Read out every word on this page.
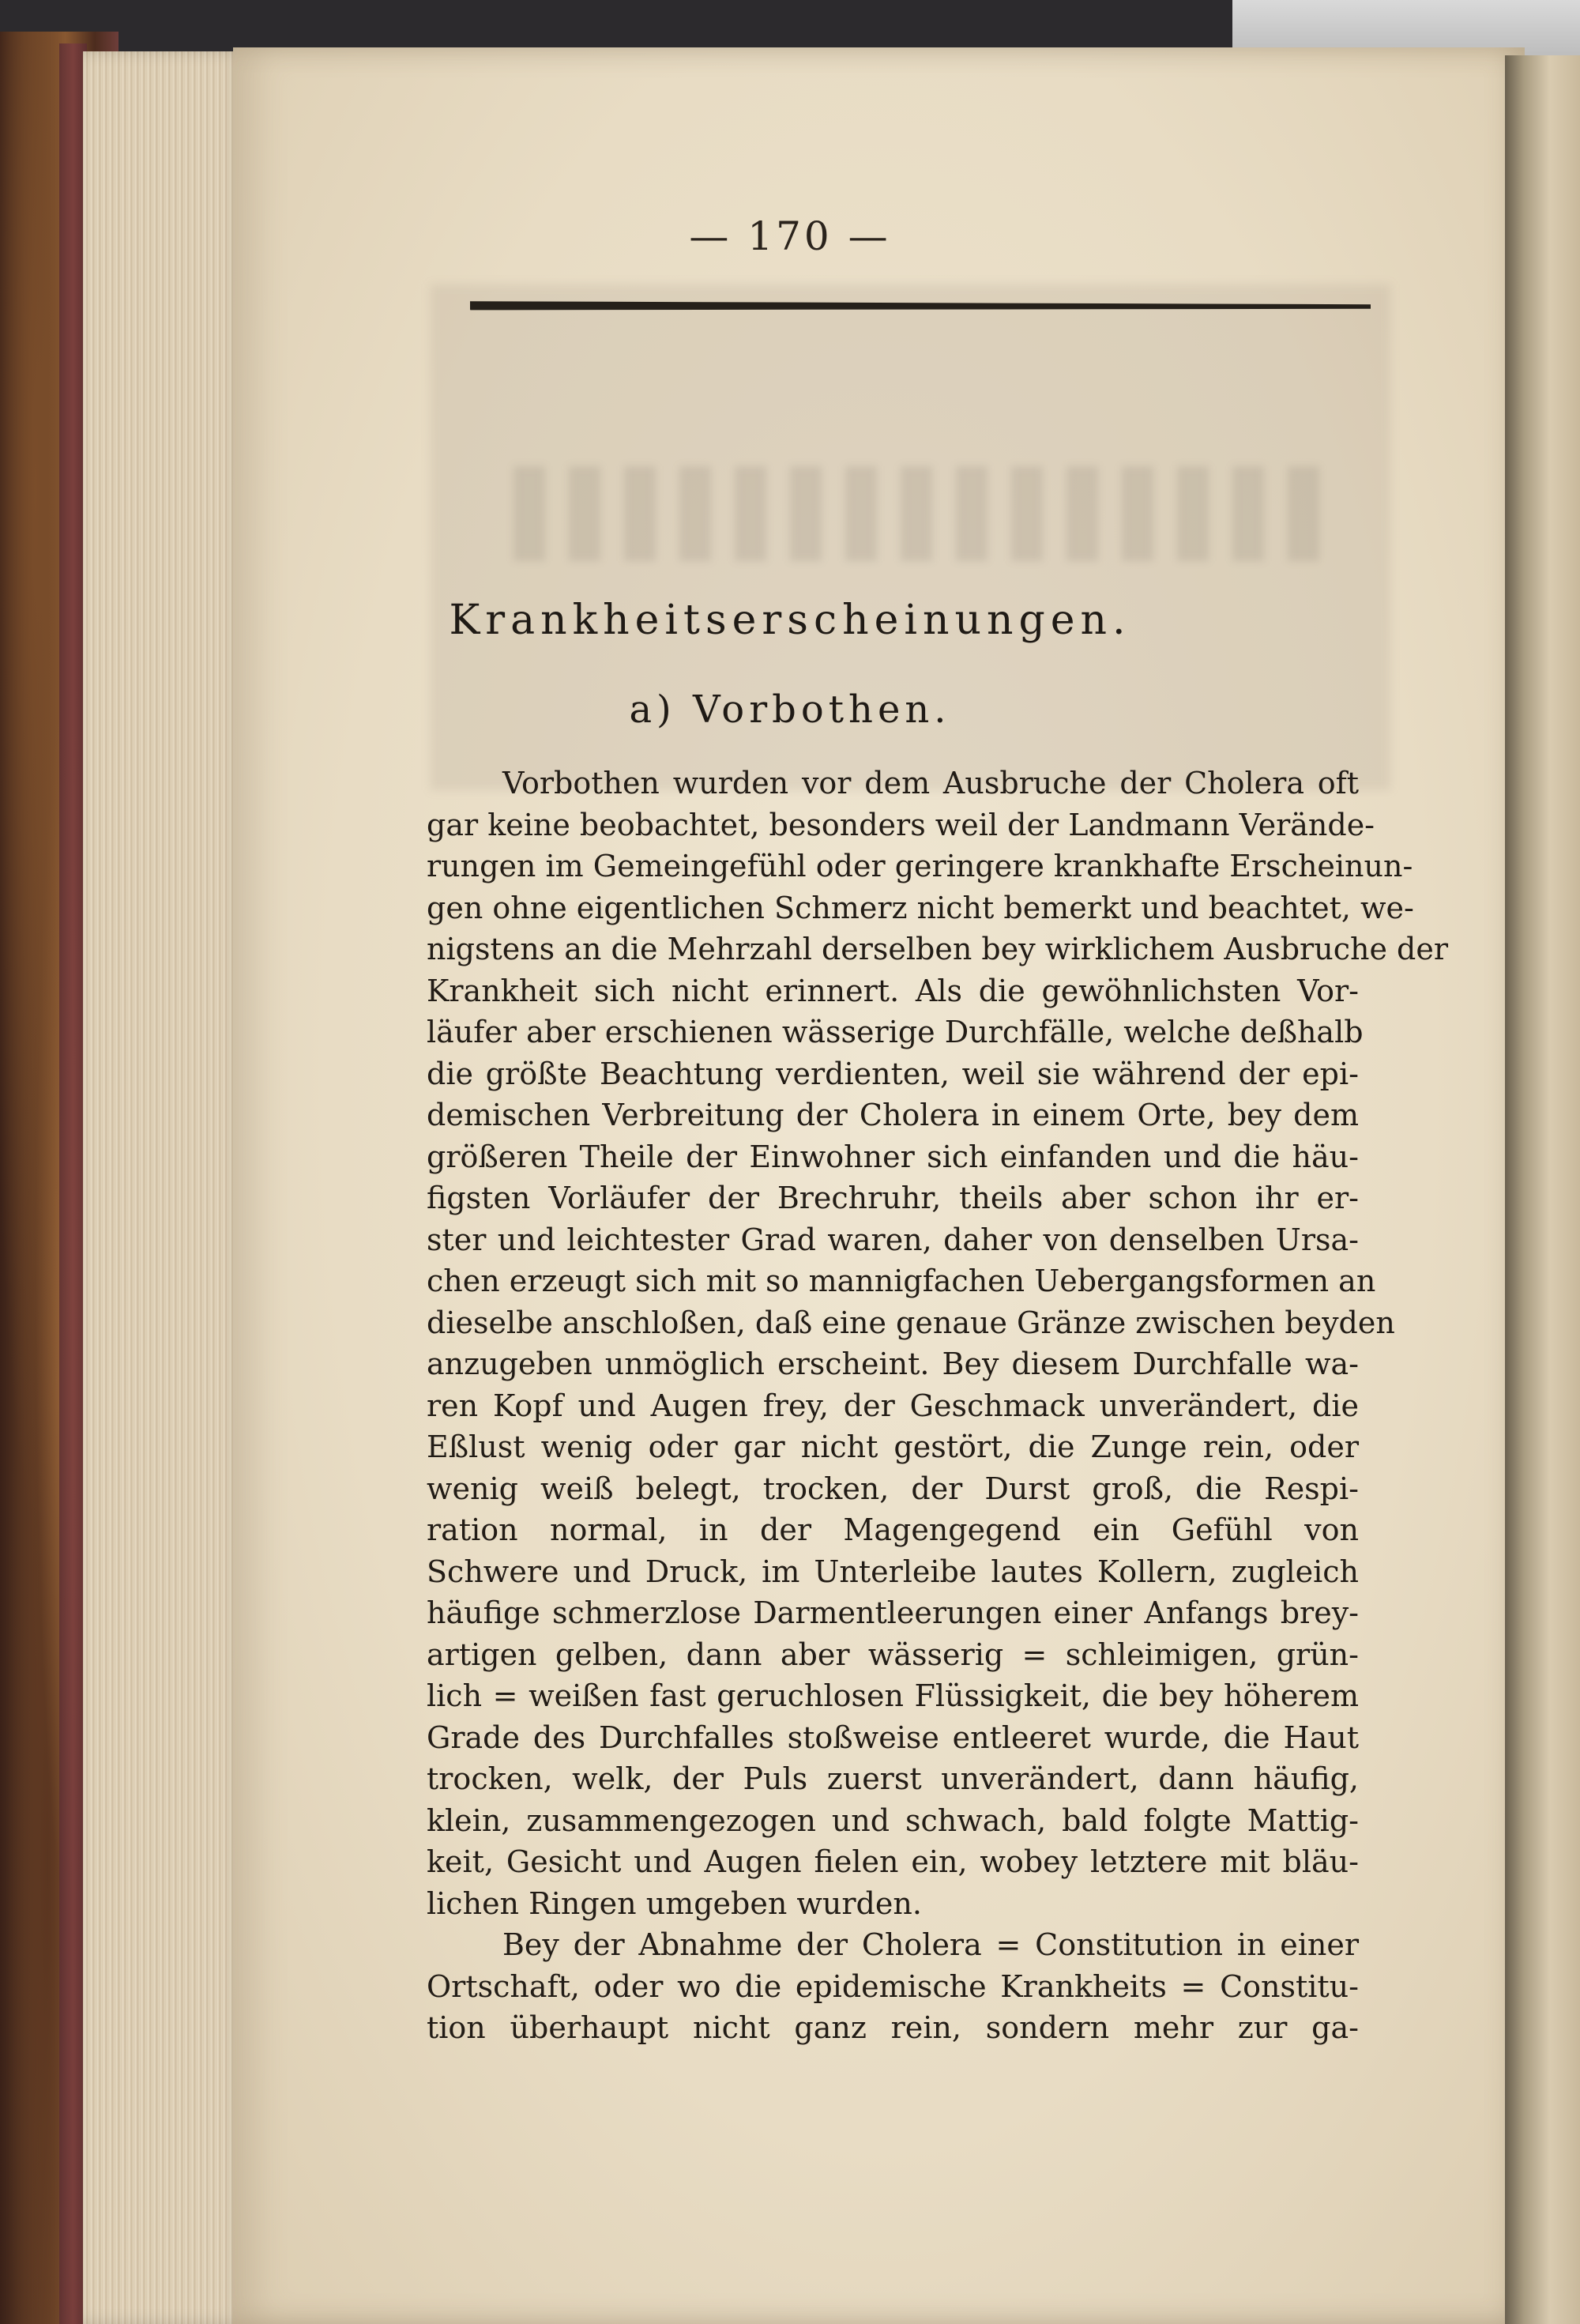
— 170 —
Krankheitserscheinungen.
a) Vorbothen.
Vorbothen wurden vor dem Ausbruche der Cholera oft
gar keine beobachtet, besonders weil der Landmann Verände-
rungen im Gemeingefühl oder geringere krankhafte Erscheinun-
gen ohne eigentlichen Schmerz nicht bemerkt und beachtet, we-
nigstens an die Mehrzahl derselben bey wirklichem Ausbruche der
Krankheit sich nicht erinnert. Als die gewöhnlichsten Vor-
läufer aber erschienen wässerige Durchfälle, welche deßhalb
die größte Beachtung verdienten, weil sie während der epi-
demischen Verbreitung der Cholera in einem Orte, bey dem
größeren Theile der Einwohner sich einfanden und die häu-
figsten Vorläufer der Brechruhr, theils aber schon ihr er-
ster und leichtester Grad waren, daher von denselben Ursa-
chen erzeugt sich mit so mannigfachen Uebergangsformen an
dieselbe anschloßen, daß eine genaue Gränze zwischen beyden
anzugeben unmöglich erscheint. Bey diesem Durchfalle wa-
ren Kopf und Augen frey, der Geschmack unverändert, die
Eßlust wenig oder gar nicht gestört, die Zunge rein, oder
wenig weiß belegt, trocken, der Durst groß, die Respi-
ration normal, in der Magengegend ein Gefühl von
Schwere und Druck, im Unterleibe lautes Kollern, zugleich
häufige schmerzlose Darmentleerungen einer Anfangs brey-
artigen gelben, dann aber wässerig = schleimigen, grün-
lich = weißen fast geruchlosen Flüssigkeit, die bey höherem
Grade des Durchfalles stoßweise entleeret wurde, die Haut
trocken, welk, der Puls zuerst unverändert, dann häufig,
klein, zusammengezogen und schwach, bald folgte Mattig-
keit, Gesicht und Augen fielen ein, wobey letztere mit bläu-
lichen Ringen umgeben wurden.
Bey der Abnahme der Cholera = Constitution in einer
Ortschaft, oder wo die epidemische Krankheits = Constitu-
tion überhaupt nicht ganz rein, sondern mehr zur ga-
